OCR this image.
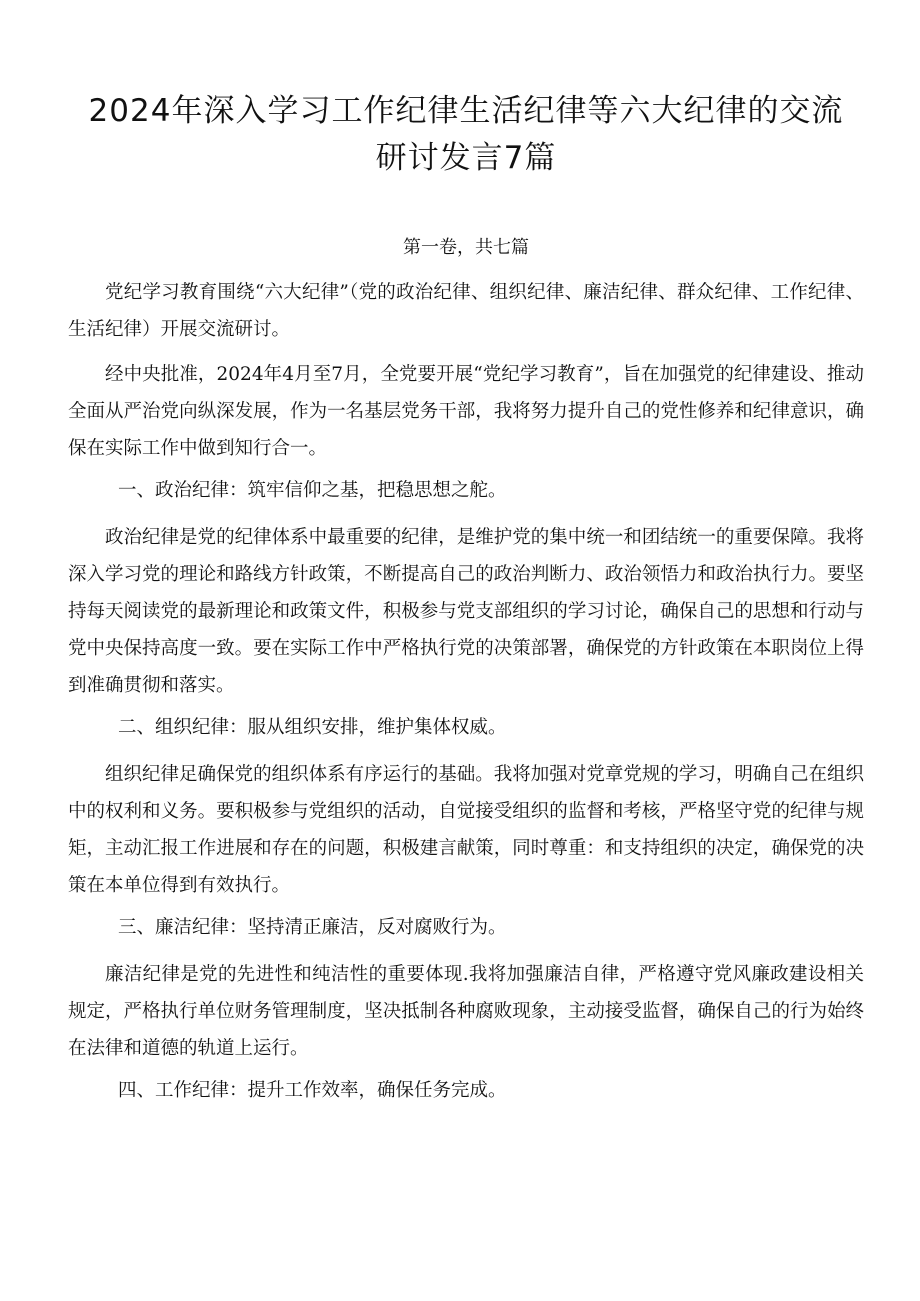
2024年深入学习工作纪律生活纪律等六大纪律的交流研讨发言7篇
第一卷，共七篇

党纪学习教育围绕“六大纪律”（党的政治纪律、组织纪律、廉洁纪律、群众纪律、工作纪律、生活纪律）开展交流研讨。

经中央批准，2024年4月至7月，全党要开展“党纪学习教育”，旨在加强党的纪律建设、推动全面从严治党向纵深发展，作为一名基层党务干部，我将努力提升自己的党性修养和纪律意识，确保在实际工作中做到知行合一。

一、政治纪律：筑牢信仰之基，把稳思想之舵。

政治纪律是党的纪律体系中最重要的纪律，是维护党的集中统一和团结统一的重要保障。我将深入学习党的理论和路线方针政策，不断提高自己的政治判断力、政治领悟力和政治执行力。要坚持每天阅读党的最新理论和政策文件，积极参与党支部组织的学习讨论，确保自己的思想和行动与党中央保持高度一致。要在实际工作中严格执行党的决策部署，确保党的方针政策在本职岗位上得到准确贯彻和落实。

二、组织纪律：服从组织安排，维护集体权威。

组织纪律足确保党的组织体系有序运行的基础。我将加强对党章党规的学习，明确自己在组织中的权利和义务。要积极参与党组织的活动，自觉接受组织的监督和考核，严格坚守党的纪律与规矩，主动汇报工作进展和存在的问题，积极建言献策，同时尊重：和支持组织的决定，确保党的决策在本单位得到有效执行。

三、廉洁纪律：坚持清正廉洁，反对腐败行为。

廉洁纪律是党的先进性和纯洁性的重要体现.我将加强廉洁自律，严格遵守党风廉政建设相关规定，严格执行单位财务管理制度，坚决抵制各种腐败现象，主动接受监督，确保自己的行为始终在法律和道德的轨道上运行。

四、工作纪律：提升工作效率，确保任务完成。
